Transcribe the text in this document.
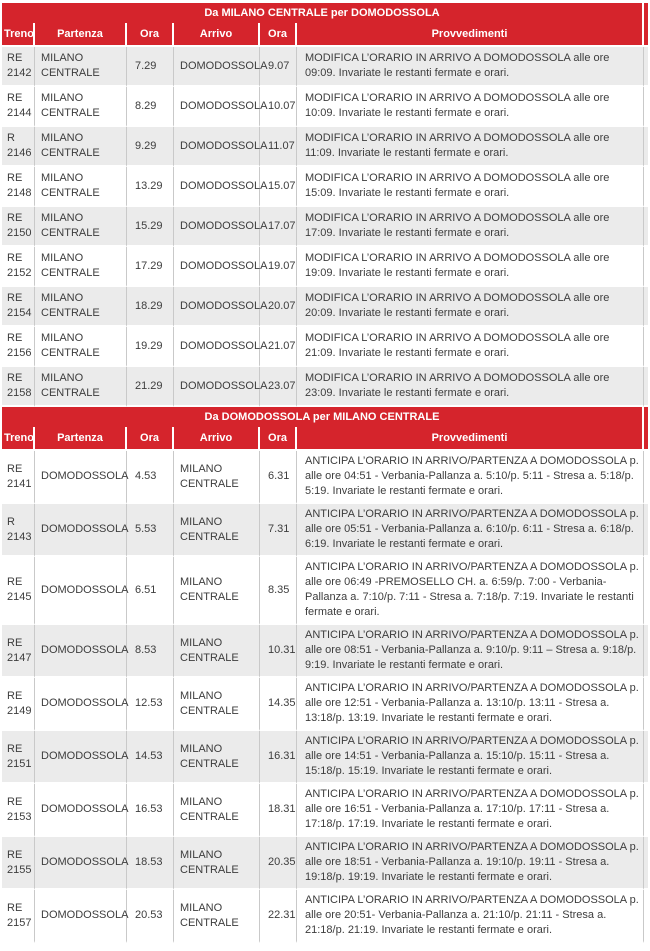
Da MILANO CENTRALE per DOMODOSSOLA						
Treno	Partenza	Ora	Arrivo	Ora	Provvedimenti	
RE 2142	MILANO CENTRALE	7.29	DOMODOSSOLA	9.07	MODIFICA L’ORARIO IN ARRIVO A DOMODOSSOLA alle ore 09:09. Invariate le restanti fermate e orari.	
RE 2144	MILANO CENTRALE	8.29	DOMODOSSOLA	10.07	MODIFICA L’ORARIO IN ARRIVO A DOMODOSSOLA alle ore 10:09. Invariate le restanti fermate e orari.	
R 2146	MILANO CENTRALE	9.29	DOMODOSSOLA	11.07	MODIFICA L’ORARIO IN ARRIVO A DOMODOSSOLA alle ore 11:09. Invariate le restanti fermate e orari.	
RE 2148	MILANO CENTRALE	13.29	DOMODOSSOLA	15.07	MODIFICA L’ORARIO IN ARRIVO A DOMODOSSOLA alle ore 15:09. Invariate le restanti fermate e orari.	
RE 2150	MILANO CENTRALE	15.29	DOMODOSSOLA	17.07	MODIFICA L’ORARIO IN ARRIVO A DOMODOSSOLA alle ore 17:09. Invariate le restanti fermate e orari.	
RE 2152	MILANO CENTRALE	17.29	DOMODOSSOLA	19.07	MODIFICA L’ORARIO IN ARRIVO A DOMODOSSOLA alle ore 19:09. Invariate le restanti fermate e orari.	
RE 2154	MILANO CENTRALE	18.29	DOMODOSSOLA	20.07	MODIFICA L’ORARIO IN ARRIVO A DOMODOSSOLA alle ore 20:09. Invariate le restanti fermate e orari.	
RE 2156	MILANO CENTRALE	19.29	DOMODOSSOLA	21.07	MODIFICA L’ORARIO IN ARRIVO A DOMODOSSOLA alle ore 21:09. Invariate le restanti fermate e orari.	
RE 2158	MILANO CENTRALE	21.29	DOMODOSSOLA	23.07	MODIFICA L’ORARIO IN ARRIVO A DOMODOSSOLA alle ore 23:09. Invariate le restanti fermate e orari.	
Da DOMODOSSOLA per MILANO CENTRALE						
Treno	Partenza	Ora	Arrivo	Ora	Provvedimenti	
RE 2141	DOMODOSSOLA	4.53	MILANO CENTRALE	6.31	ANTICIPA L’ORARIO IN ARRIVO/PARTENZA A DOMODOSSOLA p. alle ore 04:51 - Verbania-Pallanza a. 5:10/p. 5:11 - Stresa a. 5:18/p. 5:19. Invariate le restanti fermate e orari.	
R 2143	DOMODOSSOLA	5.53	MILANO CENTRALE	7.31	ANTICIPA L’ORARIO IN ARRIVO/PARTENZA A DOMODOSSOLA p. alle ore 05:51 - Verbania-Pallanza a. 6:10/p. 6:11 - Stresa a. 6:18/p. 6:19. Invariate le restanti fermate e orari.	
RE 2145	DOMODOSSOLA	6.51	MILANO CENTRALE	8.35	ANTICIPA L’ORARIO IN ARRIVO/PARTENZA A DOMODOSSOLA p. alle ore 06:49 -PREMOSELLO CH. a. 6:59/p. 7:00 - Verbania-Pallanza a. 7:10/p. 7:11 - Stresa a. 7:18/p. 7:19. Invariate le restanti fermate e orari.	
RE 2147	DOMODOSSOLA	8.53	MILANO CENTRALE	10.31	ANTICIPA L’ORARIO IN ARRIVO/PARTENZA A DOMODOSSOLA p. alle ore 08:51 - Verbania-Pallanza a. 9:10/p. 9:11 – Stresa a. 9:18/p. 9:19. Invariate le restanti fermate e orari.	
RE 2149	DOMODOSSOLA	12.53	MILANO CENTRALE	14.35	ANTICIPA L’ORARIO IN ARRIVO/PARTENZA A DOMODOSSOLA p. alle ore 12:51 - Verbania-Pallanza a. 13:10/p. 13:11 - Stresa a. 13:18/p. 13:19. Invariate le restanti fermate e orari.	
RE 2151	DOMODOSSOLA	14.53	MILANO CENTRALE	16.31	ANTICIPA L’ORARIO IN ARRIVO/PARTENZA A DOMODOSSOLA p. alle ore 14:51 - Verbania-Pallanza a. 15:10/p. 15:11 - Stresa a. 15:18/p. 15:19. Invariate le restanti fermate e orari.	
RE 2153	DOMODOSSOLA	16.53	MILANO CENTRALE	18.31	ANTICIPA L’ORARIO IN ARRIVO/PARTENZA A DOMODOSSOLA p. alle ore 16:51 - Verbania-Pallanza a. 17:10/p. 17:11 - Stresa a. 17:18/p. 17:19. Invariate le restanti fermate e orari.	
RE 2155	DOMODOSSOLA	18.53	MILANO CENTRALE	20.35	ANTICIPA L’ORARIO IN ARRIVO/PARTENZA A DOMODOSSOLA p. alle ore 18:51 - Verbania-Pallanza a. 19:10/p. 19:11 - Stresa a. 19:18/p. 19:19. Invariate le restanti fermate e orari.	
RE 2157	DOMODOSSOLA	20.53	MILANO CENTRALE	22.31	ANTICIPA L’ORARIO IN ARRIVO/PARTENZA A DOMODOSSOLA p. alle ore 20:51- Verbania-Pallanza a. 21:10/p. 21:11 - Stresa a. 21:18/p. 21:19. Invariate le restanti fermate e orari.	
